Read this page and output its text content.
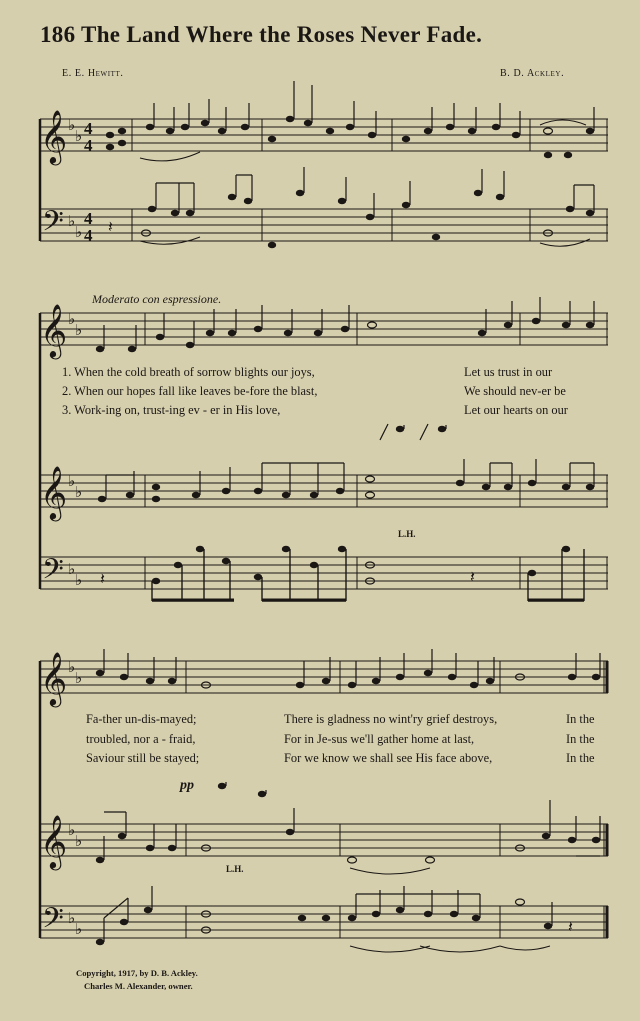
186 The Land Where the Roses Never Fade.
E. E. Hewitt.	B. D. Ackley.
𝄞
𝄢
𝄞
𝄞
𝄢
𝄞
𝄞
𝄢
♭
♭
♭
♭
♭
♭
♭
♭
♭
♭
♭
♭
♭
♭
♭
♭
4
4
4
4 𝄽
𝄽	𝄽
𝄽
Moderato con espressione.
1. When the cold breath of sorrow blights our joys,	Let us trust in our
2. When our hopes fall like leaves be-fore the blast,	We should nev-er be
3. Work-ing on, trust-ing ev - er in His love,	Let our hearts on our
L.H.
Fa-ther un-dis-mayed;	There is gladness no wint'ry grief destroys,	In the
troubled, nor a - fraid,	For in Je-sus we'll gather home at last,	In the
Saviour still be stayed;	For we know we shall see His face above,	In the
pp
L.H.
Copyright, 1917, by D. B. Ackley.
Charles M. Alexander, owner.
